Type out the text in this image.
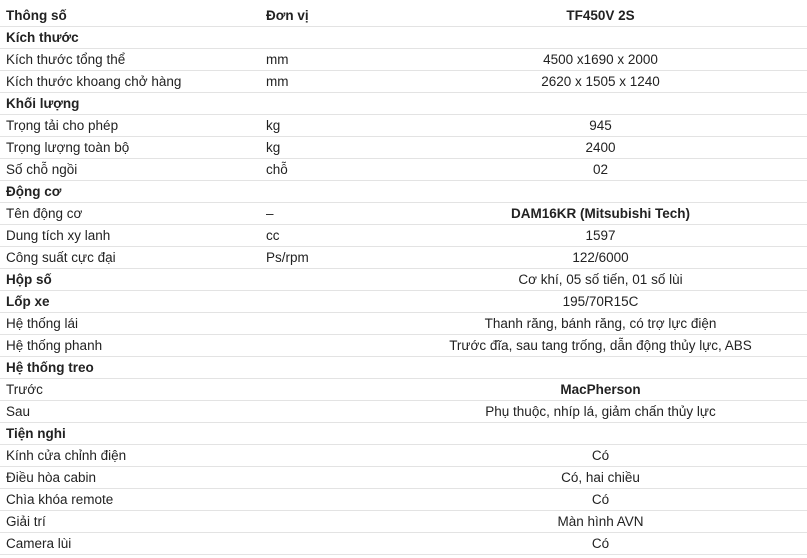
Thông số	Đơn vị	TF450V 2S
Kích thước		
Kích thước tổng thể	mm	4500 x1690 x 2000
Kích thước khoang chở hàng	mm	2620 x 1505 x 1240
Khối lượng		
Trọng tải cho phép	kg	945
Trọng lượng toàn bộ	kg	2400
Số chỗ ngồi	chỗ	02
Động cơ		
Tên động cơ	–	DAM16KR (Mitsubishi Tech)
Dung tích xy lanh	cc	1597
Công suất cực đại	Ps/rpm	122/6000
Hộp số		Cơ khí, 05 số tiến, 01 số lùi
Lốp xe		195/70R15C
Hệ thống lái		Thanh răng, bánh răng, có trợ lực điện
Hệ thống phanh		Trước đĩa, sau tang trống, dẫn động thủy lực, ABS
Hệ thống treo		
Trước		MacPherson
Sau		Phụ thuộc, nhíp lá, giảm chấn thủy lực
Tiện nghi		
Kính cửa chỉnh điện		Có
Điều hòa cabin		Có, hai chiều
Chìa khóa remote		Có
Giải trí		Màn hình AVN
Camera lùi		Có
